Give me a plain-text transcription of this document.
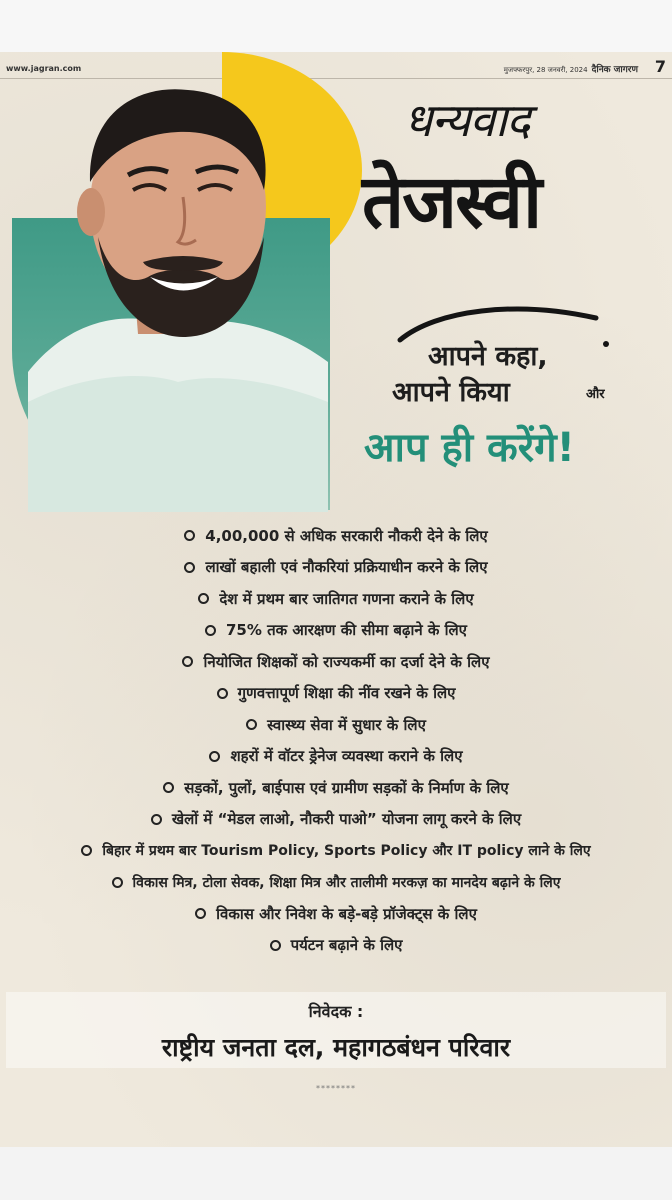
www.jagran.com	मुजफ्फरपुर, 28 जनवरी, 2024 दैनिक जागरण 7
धन्यवाद
तेजस्वी
आपने कहा,
आपने किया	और
आप ही करेंगे!
4,00,000 से अधिक सरकारी नौकरी देने के लिए
लाखों बहाली एवं नौकरियां प्रक्रियाधीन करने के लिए
देश में प्रथम बार जातिगत गणना कराने के लिए
75% तक आरक्षण की सीमा बढ़ाने के लिए
नियोजित शिक्षकों को राज्यकर्मी का दर्जा देने के लिए
गुणवत्तापूर्ण शिक्षा की नींव रखने के लिए
स्वास्थ्य सेवा में सुधार के लिए
शहरों में वॉटर ड्रेनेज व्यवस्था कराने के लिए
सड़कों, पुलों, बाईपास एवं ग्रामीण सड़कों के निर्माण के लिए
खेलों में “मेडल लाओ, नौकरी पाओ” योजना लागू करने के लिए
बिहार में प्रथम बार Tourism Policy, Sports Policy और IT policy लाने के लिए
विकास मित्र, टोला सेवक, शिक्षा मित्र और तालीमी मरकज़ का मानदेय बढ़ाने के लिए
विकास और निवेश के बड़े-बड़े प्रॉजेक्ट्स के लिए
पर्यटन बढ़ाने के लिए
निवेदक :
राष्ट्रीय जनता दल, महागठबंधन परिवार
********
